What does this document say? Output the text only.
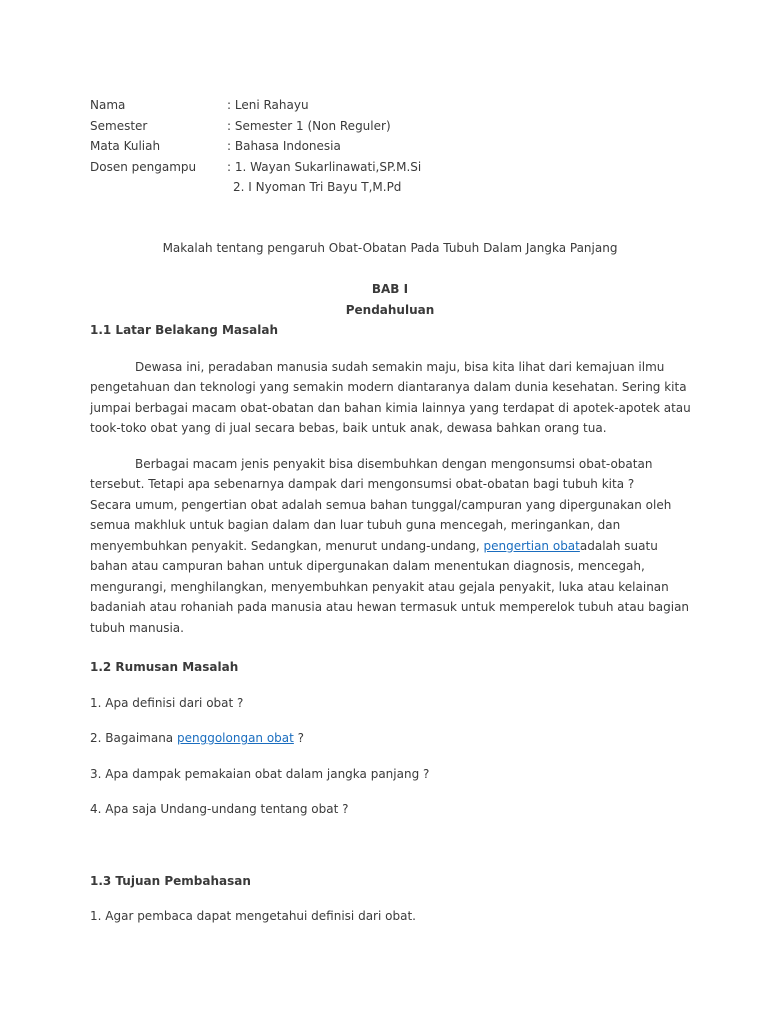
Nama	: Leni Rahayu
Semester	: Semester 1 (Non Reguler)
Mata Kuliah	: Bahasa Indonesia
Dosen pengampu	: 1. Wayan Sukarlinawati,SP.M.Si
2. I Nyoman Tri Bayu T,M.Pd
Makalah tentang pengaruh Obat-Obatan Pada Tubuh Dalam Jangka Panjang
BAB I
Pendahuluan
1.1 Latar Belakang Masalah
Dewasa ini, peradaban manusia sudah semakin maju, bisa kita lihat dari kemajuan ilmu
pengetahuan dan teknologi yang semakin modern diantaranya dalam dunia kesehatan. Sering kita
jumpai berbagai macam obat-obatan dan bahan kimia lainnya yang terdapat di apotek-apotek atau
took-toko obat yang di jual secara bebas, baik untuk anak, dewasa bahkan orang tua.
Berbagai macam jenis penyakit bisa disembuhkan dengan mengonsumsi obat-obatan
tersebut. Tetapi apa sebenarnya dampak dari mengonsumsi obat-obatan bagi tubuh kita ?
Secara umum, pengertian obat adalah semua bahan tunggal/campuran yang dipergunakan oleh
semua makhluk untuk bagian dalam dan luar tubuh guna mencegah, meringankan, dan
menyembuhkan penyakit. Sedangkan, menurut undang-undang, pengertian obatadalah suatu
bahan atau campuran bahan untuk dipergunakan dalam menentukan diagnosis, mencegah,
mengurangi, menghilangkan, menyembuhkan penyakit atau gejala penyakit, luka atau kelainan
badaniah atau rohaniah pada manusia atau hewan termasuk untuk memperelok tubuh atau bagian
tubuh manusia.
1.2 Rumusan Masalah
1. Apa definisi dari obat ?
2. Bagaimana penggolongan obat ?
3. Apa dampak pemakaian obat dalam jangka panjang ?
4. Apa saja Undang-undang tentang obat ?
1.3 Tujuan Pembahasan
1. Agar pembaca dapat mengetahui definisi dari obat.
